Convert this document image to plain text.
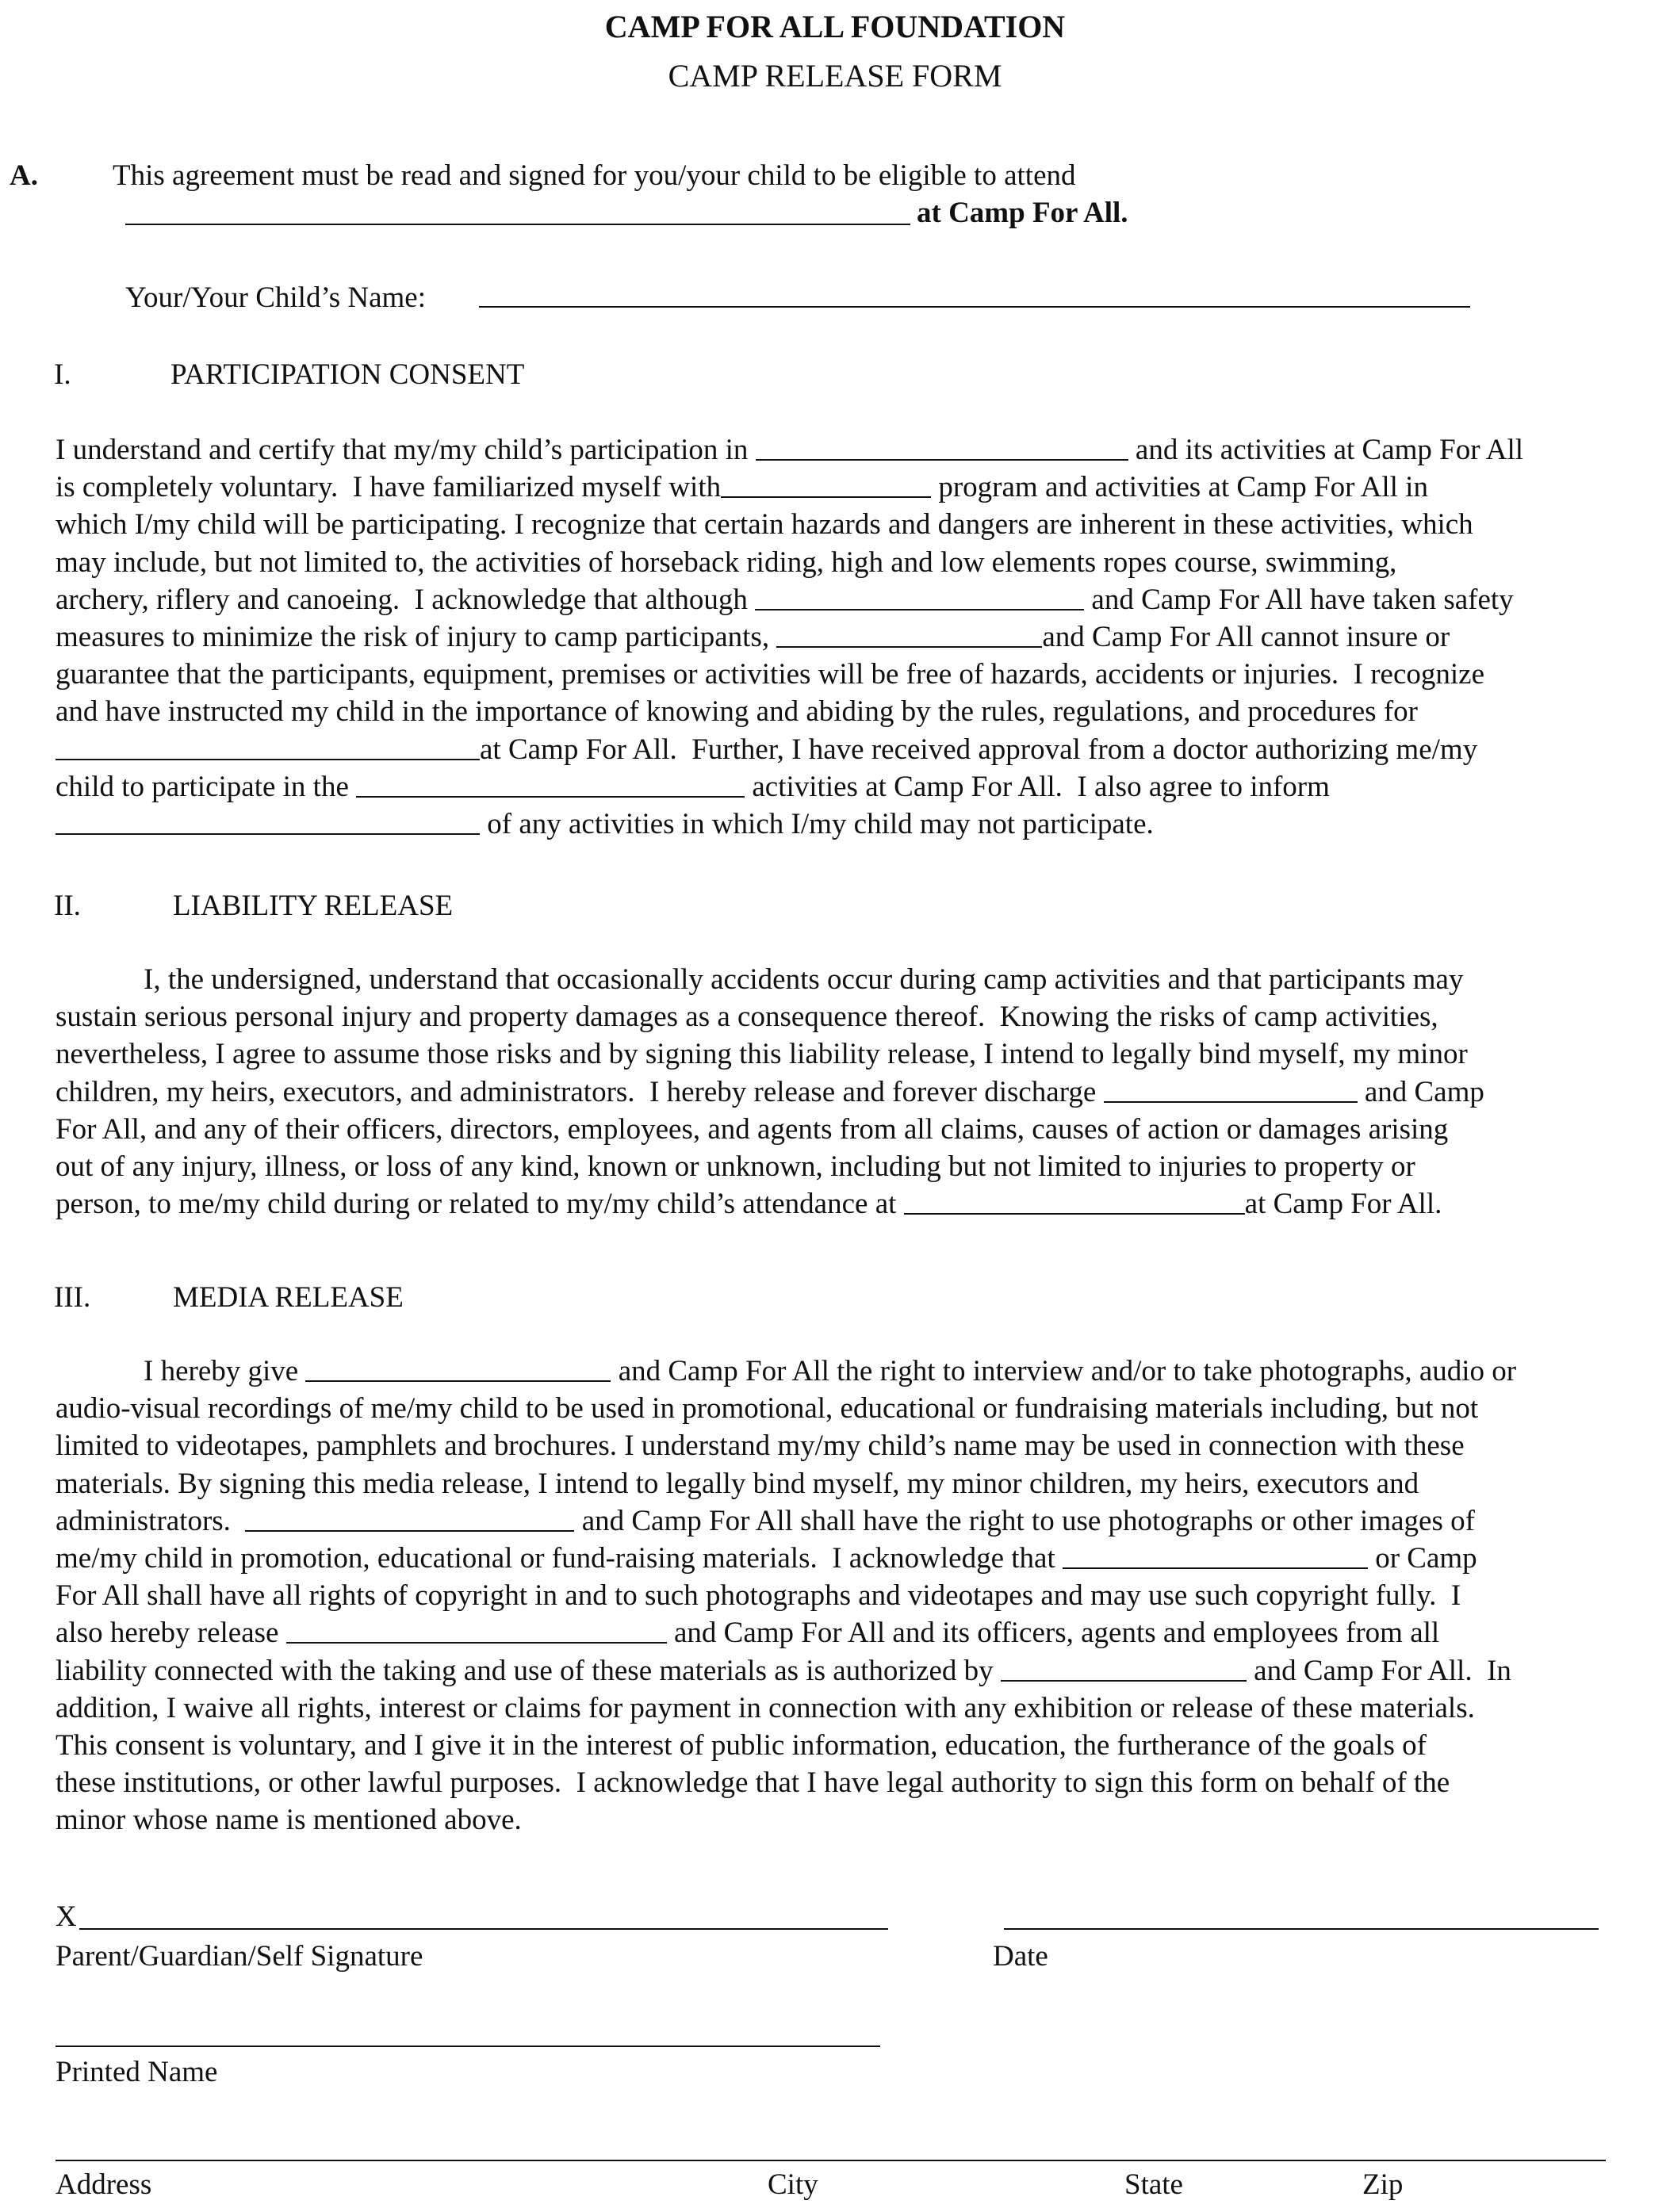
CAMP FOR ALL FOUNDATION
CAMP RELEASE FORM
A.	This agreement must be read and signed for you/your child to be eligible to attend
at Camp For All.
Your/Your Child’s Name:
I.	PARTICIPATION CONSENT
I understand and certify that my/my child’s participation in	and its activities at Camp For All
is completely voluntary.  I have familiarized myself with	program and activities at Camp For All in
which I/my child will be participating. I recognize that certain hazards and dangers are inherent in these activities, which
may include, but not limited to, the activities of horseback riding, high and low elements ropes course, swimming,
archery, riflery and canoeing.  I acknowledge that although	and Camp For All have taken safety
measures to minimize the risk of injury to camp participants,	and Camp For All cannot insure or
guarantee that the participants, equipment, premises or activities will be free of hazards, accidents or injuries.  I recognize
and have instructed my child in the importance of knowing and abiding by the rules, regulations, and procedures for
at Camp For All.  Further, I have received approval from a doctor authorizing me/my
child to participate in the	activities at Camp For All.  I also agree to inform
of any activities in which I/my child may not participate.
II.	LIABILITY RELEASE
I, the undersigned, understand that occasionally accidents occur during camp activities and that participants may
sustain serious personal injury and property damages as a consequence thereof.  Knowing the risks of camp activities,
nevertheless, I agree to assume those risks and by signing this liability release, I intend to legally bind myself, my minor
children, my heirs, executors, and administrators.  I hereby release and forever discharge	and Camp
For All, and any of their officers, directors, employees, and agents from all claims, causes of action or damages arising
out of any injury, illness, or loss of any kind, known or unknown, including but not limited to injuries to property or
person, to me/my child during or related to my/my child’s attendance at	at Camp For All.
III.	MEDIA RELEASE
I hereby give	and Camp For All the right to interview and/or to take photographs, audio or
audio-visual recordings of me/my child to be used in promotional, educational or fundraising materials including, but not
limited to videotapes, pamphlets and brochures. I understand my/my child’s name may be used in connection with these
materials. By signing this media release, I intend to legally bind myself, my minor children, my heirs, executors and
administrators.	and Camp For All shall have the right to use photographs or other images of
me/my child in promotion, educational or fund-raising materials.  I acknowledge that	or Camp
For All shall have all rights of copyright in and to such photographs and videotapes and may use such copyright fully.  I
also hereby release	and Camp For All and its officers, agents and employees from all
liability connected with the taking and use of these materials as is authorized by	and Camp For All.  In
addition, I waive all rights, interest or claims for payment in connection with any exhibition or release of these materials.
This consent is voluntary, and I give it in the interest of public information, education, the furtherance of the goals of
these institutions, or other lawful purposes.  I acknowledge that I have legal authority to sign this form on behalf of the
minor whose name is mentioned above.
X
Parent/Guardian/Self Signature	Date
Printed Name
Address	City	State	Zip
